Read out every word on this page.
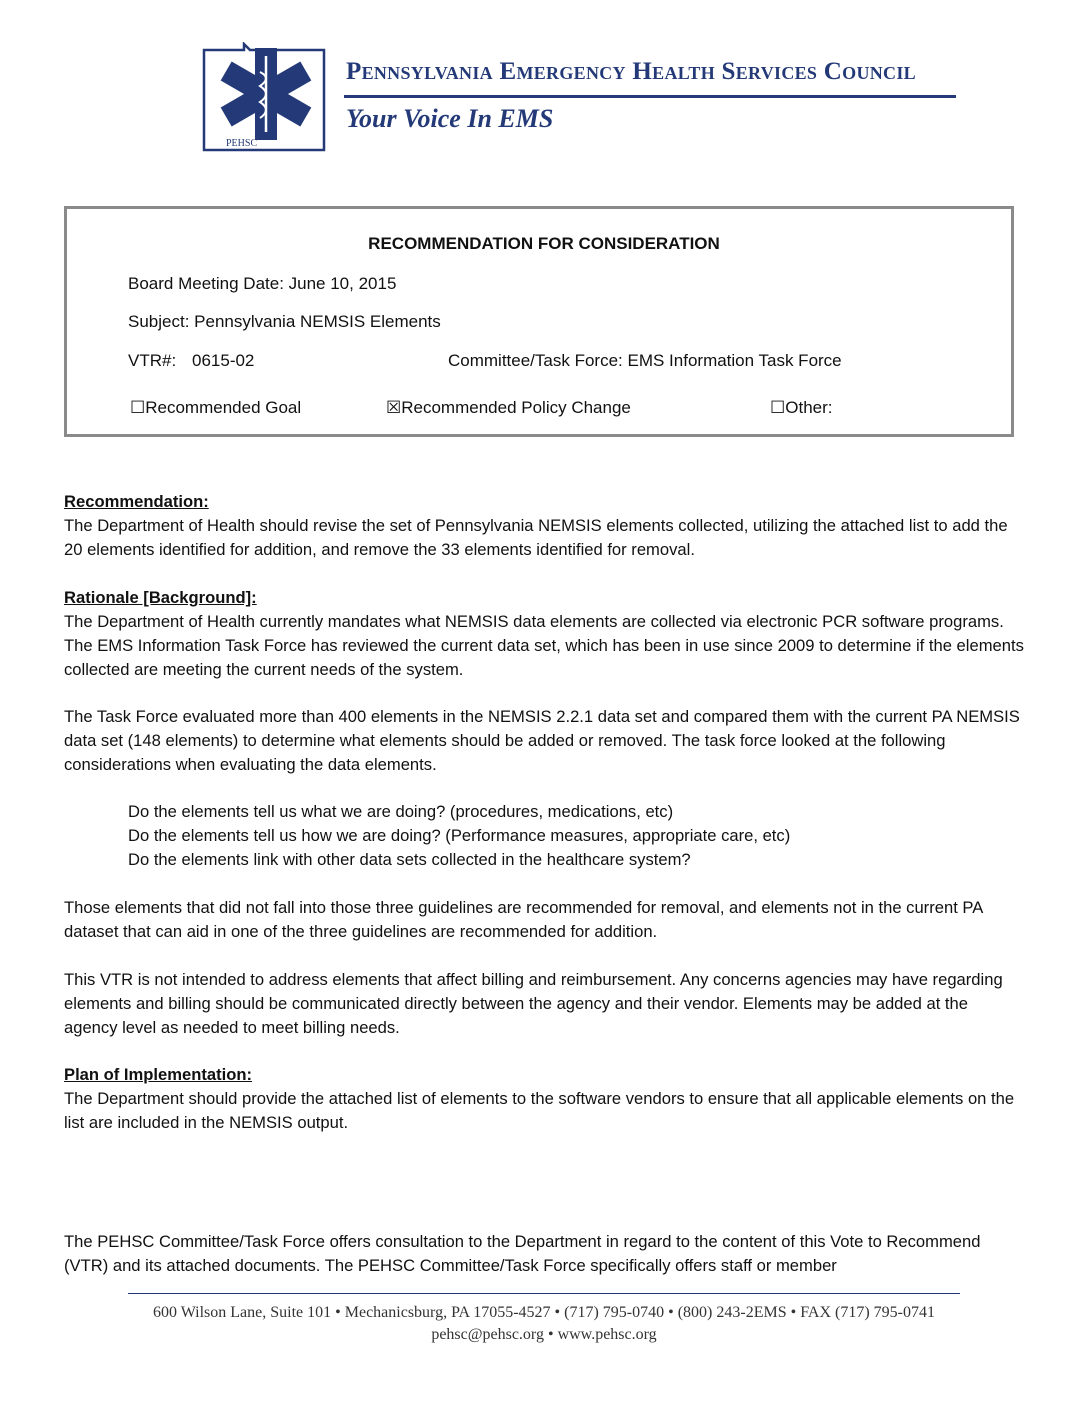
PEHSC
Pennsylvania Emergency Health Services Council
Your Voice In EMS
RECOMMENDATION FOR CONSIDERATION
Board Meeting Date: June 10, 2015
Subject: Pennsylvania NEMSIS Elements
VTR#: 0615-02	Committee/Task Force: EMS Information Task Force
☐Recommended Goal	☒Recommended Policy Change	☐Other:
Recommendation:
The Department of Health should revise the set of Pennsylvania NEMSIS elements collected, utilizing the attached list to add the 20 elements identified for addition, and remove the 33 elements identified for removal.
Rationale [Background]:
The Department of Health currently mandates what NEMSIS data elements are collected via electronic PCR software programs. The EMS Information Task Force has reviewed the current data set, which has been in use since 2009 to determine if the elements collected are meeting the current needs of the system.
The Task Force evaluated more than 400 elements in the NEMSIS 2.2.1 data set and compared them with the current PA NEMSIS data set (148 elements) to determine what elements should be added or removed. The task force looked at the following considerations when evaluating the data elements.
Do the elements tell us what we are doing? (procedures, medications, etc)
Do the elements tell us how we are doing? (Performance measures, appropriate care, etc)
Do the elements link with other data sets collected in the healthcare system?
Those elements that did not fall into those three guidelines are recommended for removal, and elements not in the current PA dataset that can aid in one of the three guidelines are recommended for addition.
This VTR is not intended to address elements that affect billing and reimbursement. Any concerns agencies may have regarding elements and billing should be communicated directly between the agency and their vendor. Elements may be added at the agency level as needed to meet billing needs.
Plan of Implementation:
The Department should provide the attached list of elements to the software vendors to ensure that all applicable elements on the list are included in the NEMSIS output.
The PEHSC Committee/Task Force offers consultation to the Department in regard to the content of this Vote to Recommend (VTR) and its attached documents. The PEHSC Committee/Task Force specifically offers staff or member
600 Wilson Lane, Suite 101 • Mechanicsburg, PA 17055-4527 • (717) 795-0740 • (800) 243-2EMS • FAX (717) 795-0741
pehsc@pehsc.org • www.pehsc.org
